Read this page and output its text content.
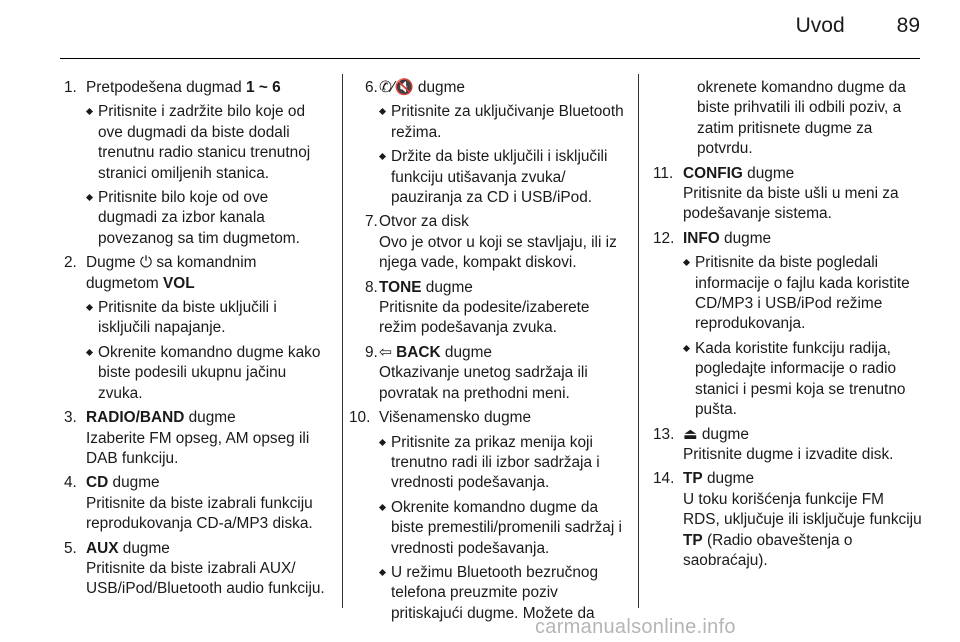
Uvod 89
1. Pretpodešena dugmad 1 ~ 6
Pritisnite i zadržite bilo koje od ove dugmadi da biste dodali trenutnu radio stanicu trenutnoj stranici omiljenih stanica.
Pritisnite bilo koje od ove dugmadi za izbor kanala povezanog sa tim dugmetom.
2. Dugme ⏻ sa komandnim dugmetom VOL
Pritisnite da biste uključili i isključili napajanje.
Okrenite komandno dugme kako biste podesili ukupnu jačinu zvuka.
3. RADIO/BAND dugme
Izaberite FM opseg, AM opseg ili DAB funkciju.
4. CD dugme
Pritisnite da biste izabrali funkciju reprodukovanja CD-a/MP3 diska.
5. AUX dugme
Pritisnite da biste izabrali AUX/ USB/iPod/Bluetooth audio funkciju.
6. ✆⁄🔇 dugme
Pritisnite za uključivanje Bluetooth režima.
Držite da biste uključili i isključili funkciju utišavanja zvuka/ pauziranja za CD i USB/iPod.
7. Otvor za disk
Ovo je otvor u koji se stavljaju, ili iz njega vade, kompakt diskovi.
8. TONE dugme
Pritisnite da podesite/izaberete režim podešavanja zvuka.
9. ⇦ BACK dugme
Otkazivanje unetog sadržaja ili povratak na prethodni meni.
10. Višenamensko dugme
Pritisnite za prikaz menija koji trenutno radi ili izbor sadržaja i vrednosti podešavanja.
Okrenite komandno dugme da biste premestili/promenili sadržaj i vrednosti podešavanja.
U režimu Bluetooth bezručnog telefona preuzmite poziv pritiskajući dugme. Možete da
okrenete komandno dugme da biste prihvatili ili odbili poziv, a zatim pritisnete dugme za potvrdu.
11. CONFIG dugme
Pritisnite da biste ušli u meni za podešavanje sistema.
12. INFO dugme
Pritisnite da biste pogledali informacije o fajlu kada koristite CD/MP3 i USB/iPod režime reprodukovanja.
Kada koristite funkciju radija, pogledajte informacije o radio stanici i pesmi koja se trenutno pušta.
13. ⏏ dugme
Pritisnite dugme i izvadite disk.
14. TP dugme
U toku korišćenja funkcije FM RDS, uključuje ili isključuje funkciju TP (Radio obaveštenja o saobraćaju).
carmanualsonline.info
